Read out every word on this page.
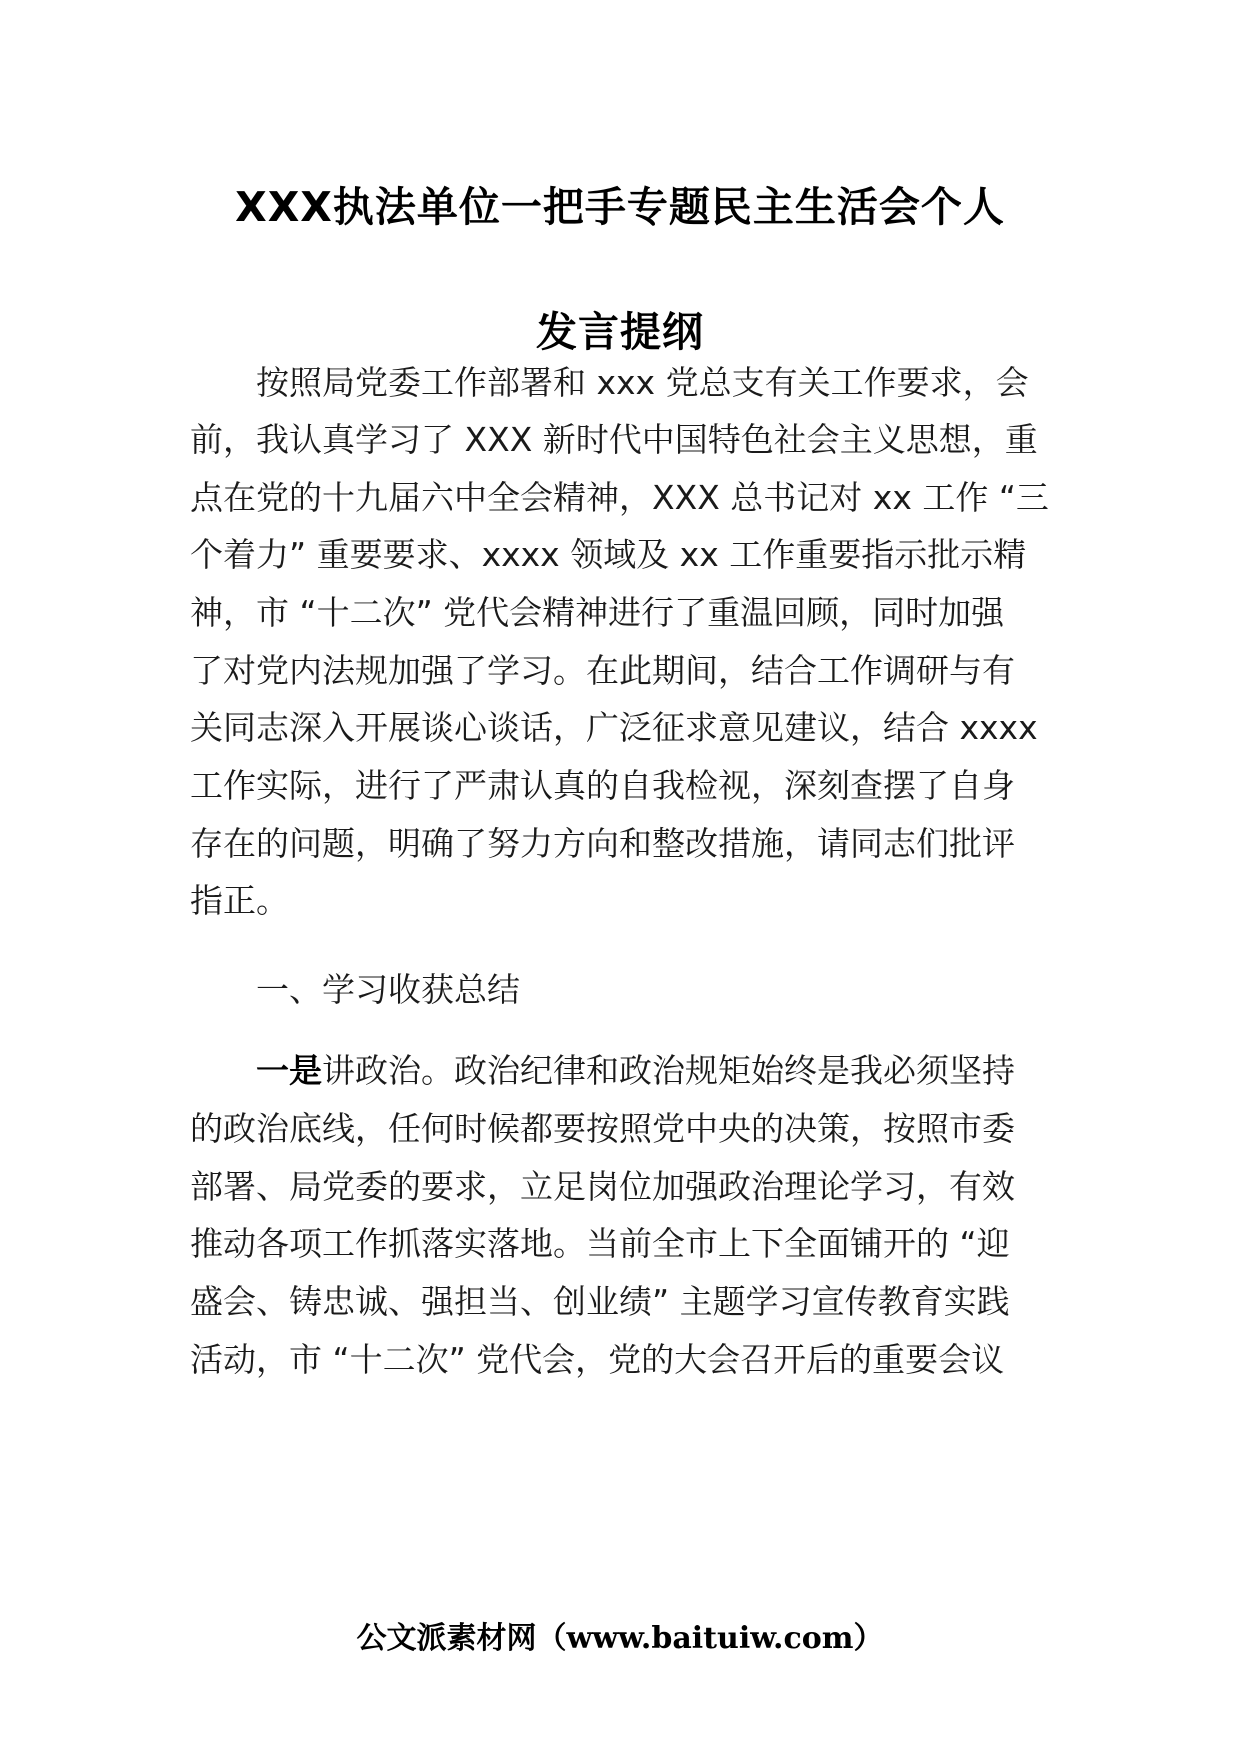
XXX执法单位一把手专题民主生活会个人
发言提纲
按照局党委工作部署和 xxx 党总支有关工作要求，会
前，我认真学习了 XXX 新时代中国特色社会主义思想，重
点在党的十九届六中全会精神，XXX 总书记对 xx 工作 “三
个着力” 重要要求、xxxx 领域及 xx 工作重要指示批示精
神，市 “十二次” 党代会精神进行了重温回顾，同时加强
了对党内法规加强了学习。在此期间，结合工作调研与有
关同志深入开展谈心谈话，广泛征求意见建议，结合 xxxx
工作实际，进行了严肃认真的自我检视，深刻查摆了自身
存在的问题，明确了努力方向和整改措施，请同志们批评
指正。
一、学习收获总结
一是讲政治。政治纪律和政治规矩始终是我必须坚持
的政治底线，任何时候都要按照党中央的决策，按照市委
部署、局党委的要求，立足岗位加强政治理论学习，有效
推动各项工作抓落实落地。当前全市上下全面铺开的 “迎
盛会、铸忠诚、强担当、创业绩” 主题学习宣传教育实践
活动，市 “十二次” 党代会，党的大会召开后的重要会议
公文派素材网（www.baituiw.com）
